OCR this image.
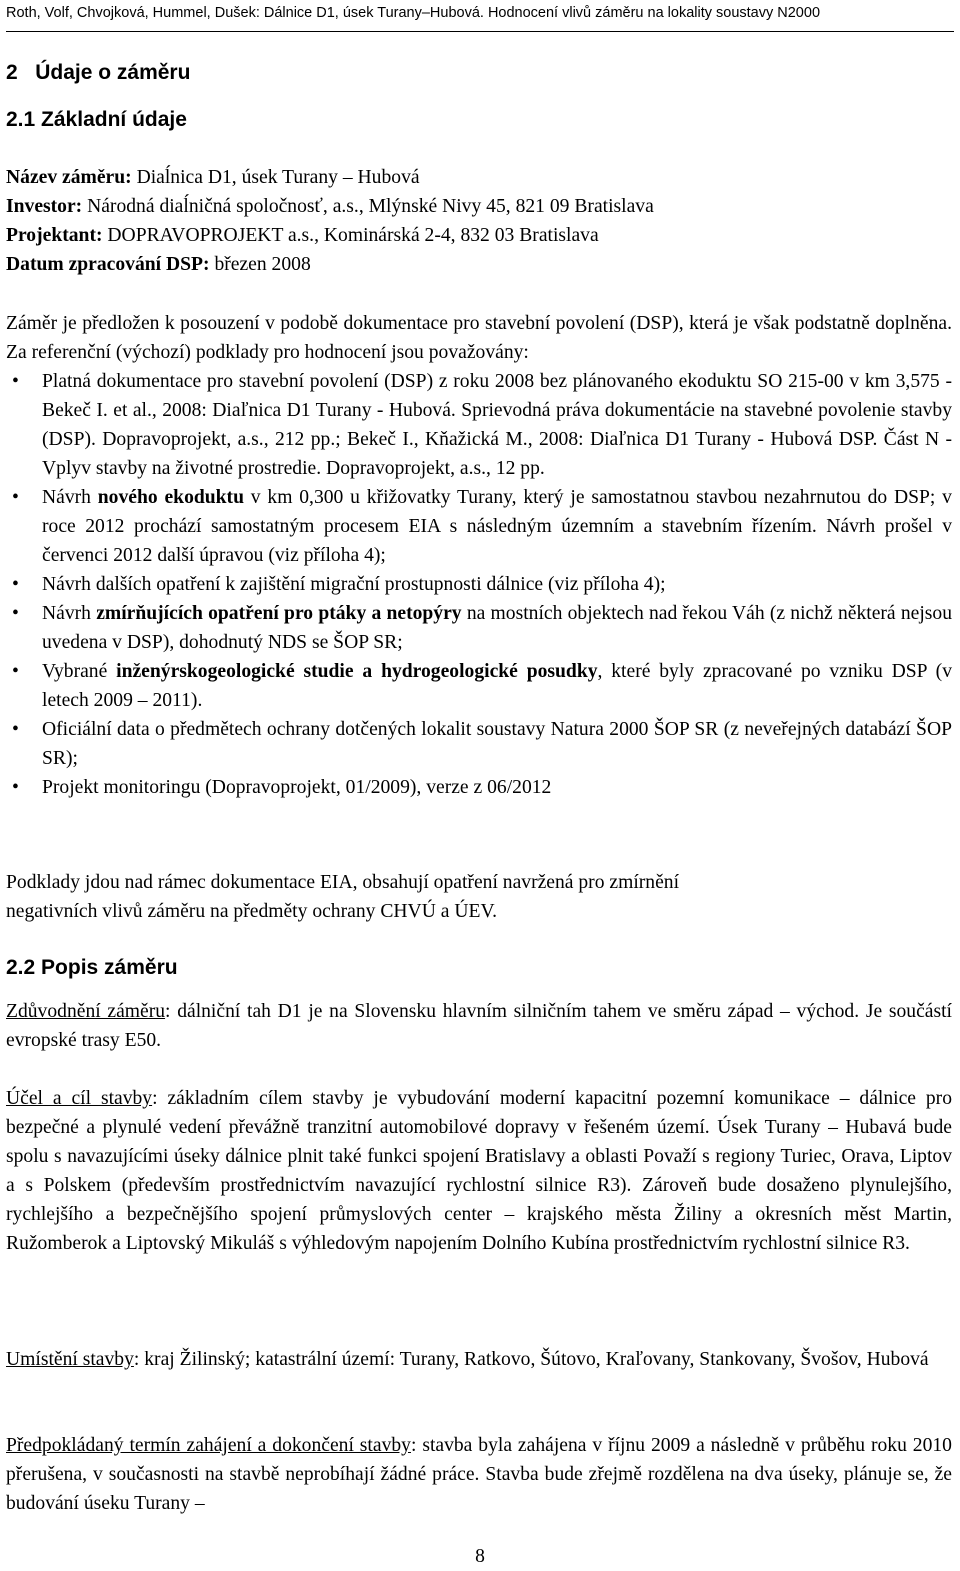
Roth, Volf, Chvojková, Hummel, Dušek: Dálnice D1, úsek Turany–Hubová. Hodnocení vlivů záměru na lokality soustavy N2000
2 Údaje o záměru
2.1 Základní údaje
Název záměru: Diaĺnica D1, úsek Turany – Hubová
Investor: Národná diaĺničná spoločnosť, a.s., Mlýnské Nivy 45, 821 09 Bratislava
Projektant: DOPRAVOPROJEKT a.s., Kominárská 2-4, 832 03 Bratislava
Datum zpracování DSP: březen 2008
Záměr je předložen k posouzení v podobě dokumentace pro stavební povolení (DSP), která je však podstatně doplněna. Za referenční (výchozí) podklady pro hodnocení jsou považovány:
• Platná dokumentace pro stavební povolení (DSP) z roku 2008 bez plánovaného ekoduktu SO 215-00 v km 3,575 - Bekeč I. et al., 2008: Diaľnica D1 Turany - Hubová. Sprievodná práva dokumentácie na stavebné povolenie stavby (DSP). Dopravoprojekt, a.s., 212 pp.; Bekeč I., Kňažická M., 2008: Diaľnica D1 Turany - Hubová DSP. Část N - Vplyv stavby na životné prostredie. Dopravoprojekt, a.s., 12 pp.
• Návrh nového ekoduktu v km 0,300 u křižovatky Turany, který je samostatnou stavbou nezahrnutou do DSP; v roce 2012 prochází samostatným procesem EIA s následným územním a stavebním řízením. Návrh prošel v červenci 2012 další úpravou (viz příloha 4);
• Návrh dalších opatření k zajištění migrační prostupnosti dálnice (viz příloha 4);
• Návrh zmírňujících opatření pro ptáky a netopýry na mostních objektech nad řekou Váh (z nichž některá nejsou uvedena v DSP), dohodnutý NDS se ŠOP SR;
• Vybrané inženýrskogeologické studie a hydrogeologické posudky, které byly zpracované po vzniku DSP (v letech 2009 – 2011).
• Oficiální data o předmětech ochrany dotčených lokalit soustavy Natura 2000 ŠOP SR (z neveřejných databází ŠOP SR);
• Projekt monitoringu (Dopravoprojekt, 01/2009), verze z 06/2012
Podklady jdou nad rámec dokumentace EIA, obsahují opatření navržená pro zmírnění
negativních vlivů záměru na předměty ochrany CHVÚ a ÚEV.
2.2 Popis záměru
Zdůvodnění záměru: dálniční tah D1 je na Slovensku hlavním silničním tahem ve směru západ – východ. Je součástí evropské trasy E50.
Účel a cíl stavby: základním cílem stavby je vybudování moderní kapacitní pozemní komunikace – dálnice pro bezpečné a plynulé vedení převážně tranzitní automobilové dopravy v řešeném území. Úsek Turany – Hubavá bude spolu s navazujícími úseky dálnice plnit také funkci spojení Bratislavy a oblasti Považí s regiony Turiec, Orava, Liptov a s Polskem (především prostřednictvím navazující rychlostní silnice R3). Zároveň bude dosaženo plynulejšího, rychlejšího a bezpečnějšího spojení průmyslových center – krajského města Žiliny a okresních měst Martin, Ružomberok a Liptovský Mikuláš s výhledovým napojením Dolního Kubína prostřednictvím rychlostní silnice R3.
Umístění stavby: kraj Žilinský; katastrální území: Turany, Ratkovo, Šútovo, Kraľovany, Stankovany, Švošov, Hubová
Předpokládaný termín zahájení a dokončení stavby: stavba byla zahájena v říjnu 2009 a následně v průběhu roku 2010 přerušena, v současnosti na stavbě neprobíhají žádné práce. Stavba bude zřejmě rozdělena na dva úseky, plánuje se, že budování úseku Turany –
8
